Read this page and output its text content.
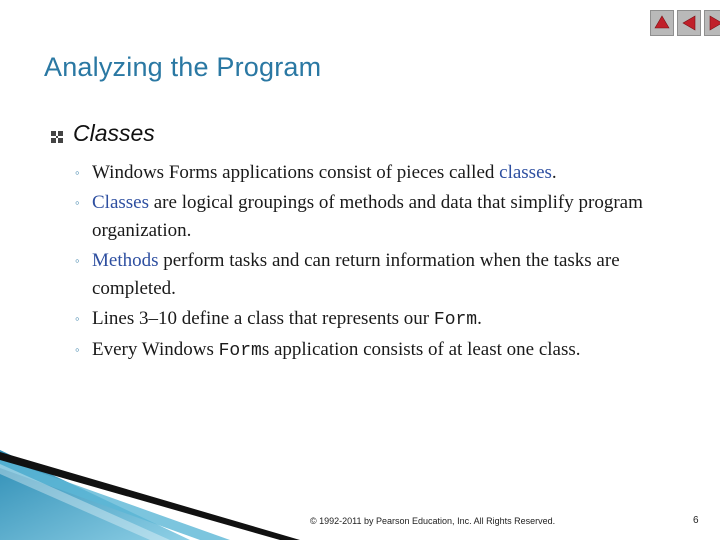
Analyzing the Program
Classes
◦ Windows Forms applications consist of pieces called classes.
◦ Classes are logical groupings of methods and data that simplify program organization.
◦ Methods perform tasks and can return information when the tasks are completed.
◦ Lines 3–10 define a class that represents our Form.
◦ Every Windows Forms application consists of at least one class.
© 1992-2011 by Pearson Education, Inc. All Rights Reserved.	6
